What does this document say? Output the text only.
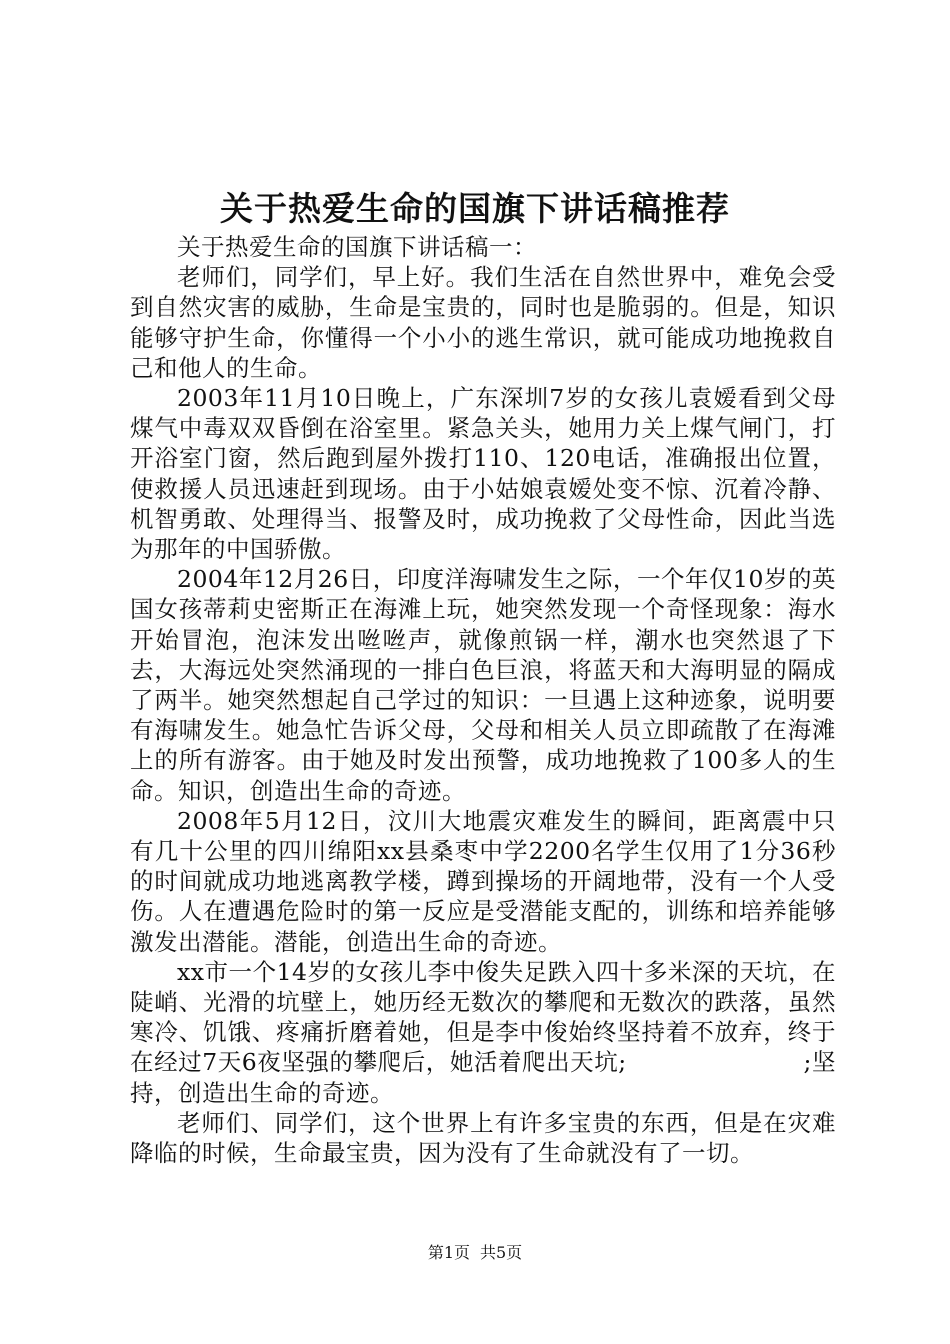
关于热爱生命的国旗下讲话稿推荐

关于热爱生命的国旗下讲话稿一：

老师们，同学们，早上好。我们生活在自然世界中，难免会受到自然灾害的威胁，生命是宝贵的，同时也是脆弱的。但是，知识能够守护生命，你懂得一个小小的逃生常识，就可能成功地挽救自己和他人的生命。

2003年11月10日晚上，广东深圳7岁的女孩儿袁嫒看到父母煤气中毒双双昏倒在浴室里。紧急关头，她用力关上煤气闸门，打开浴室门窗，然后跑到屋外拨打110、120电话，准确报出位置，使救援人员迅速赶到现场。由于小姑娘袁嫒处变不惊、沉着冷静、机智勇敢、处理得当、报警及时，成功挽救了父母性命，因此当选为那年的中国骄傲。

2004年12月26日，印度洋海啸发生之际，一个年仅10岁的英国女孩蒂莉史密斯正在海滩上玩，她突然发现一个奇怪现象：海水开始冒泡，泡沫发出咝咝声，就像煎锅一样，潮水也突然退了下去，大海远处突然涌现的一排白色巨浪，将蓝天和大海明显的隔成了两半。她突然想起自己学过的知识：一旦遇上这种迹象，说明要有海啸发生。她急忙告诉父母，父母和相关人员立即疏散了在海滩上的所有游客。由于她及时发出预警，成功地挽救了100多人的生命。知识，创造出生命的奇迹。

2008年5月12日，汶川大地震灾难发生的瞬间，距离震中只有几十公里的四川绵阳xx县桑枣中学2200名学生仅用了1分36秒的时间就成功地逃离教学楼，蹲到操场的开阔地带，没有一个人受伤。人在遭遇危险时的第一反应是受潜能支配的，训练和培养能够激发出潜能。潜能，创造出生命的奇迹。

xx市一个14岁的女孩儿李中俊失足跌入四十多米深的天坑，在陡峭、光滑的坑壁上，她历经无数次的攀爬和无数次的跌落，虽然寒冷、饥饿、疼痛折磨着她，但是李中俊始终坚持着不放弃，终于在经过7天6夜坚强的攀爬后，她活着爬出天坑;                      ;坚持，创造出生命的奇迹。

老师们、同学们，这个世界上有许多宝贵的东西，但是在灾难降临的时候，生命最宝贵，因为没有了生命就没有了一切。

第1页 共5页
